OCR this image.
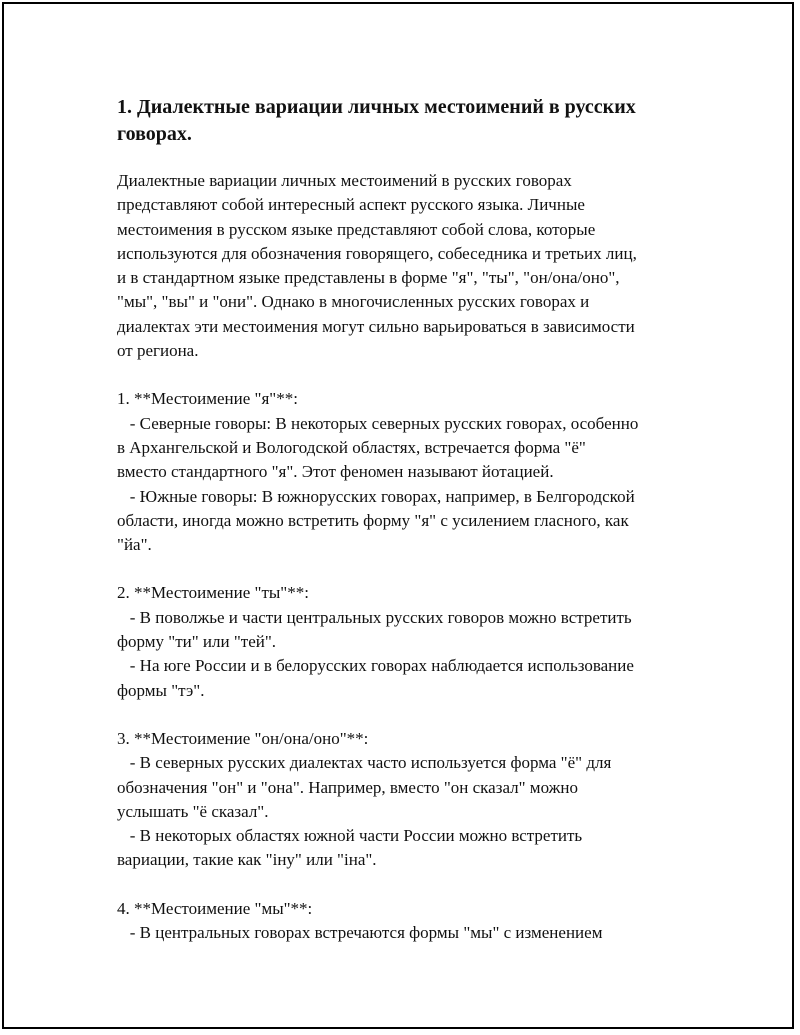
1. Диалектные вариации личных местоимений в русских
говорах.
Диалектные вариации личных местоимений в русских говорах
представляют собой интересный аспект русского языка. Личные
местоимения в русском языке представляют собой слова, которые
используются для обозначения говорящего, собеседника и третьих лиц,
и в стандартном языке представлены в форме "я", "ты", "он/она/оно",
"мы", "вы" и "они". Однако в многочисленных русских говорах и
диалектах эти местоимения могут сильно варьироваться в зависимости
от региона.
1. **Местоимение "я"**:
- Северные говоры: В некоторых северных русских говорах, особенно
в Архангельской и Вологодской областях, встречается форма "ё"
вместо стандартного "я". Этот феномен называют йотацией.
- Южные говоры: В южнорусских говорах, например, в Белгородской
области, иногда можно встретить форму "я" с усилением гласного, как
"йа".
2. **Местоимение "ты"**:
- В поволжье и части центральных русских говоров можно встретить
форму "ти" или "тей".
- На юге России и в белорусских говорах наблюдается использование
формы "тэ".
3. **Местоимение "он/она/оно"**:
- В северных русских диалектах часто используется форма "ё" для
обозначения "он" и "она". Например, вместо "он сказал" можно
услышать "ё сказал".
- В некоторых областях южной части России можно встретить
вариации, такие как "іну" или "іна".
4. **Местоимение "мы"**:
- В центральных говорах встречаются формы "мы" с изменением
